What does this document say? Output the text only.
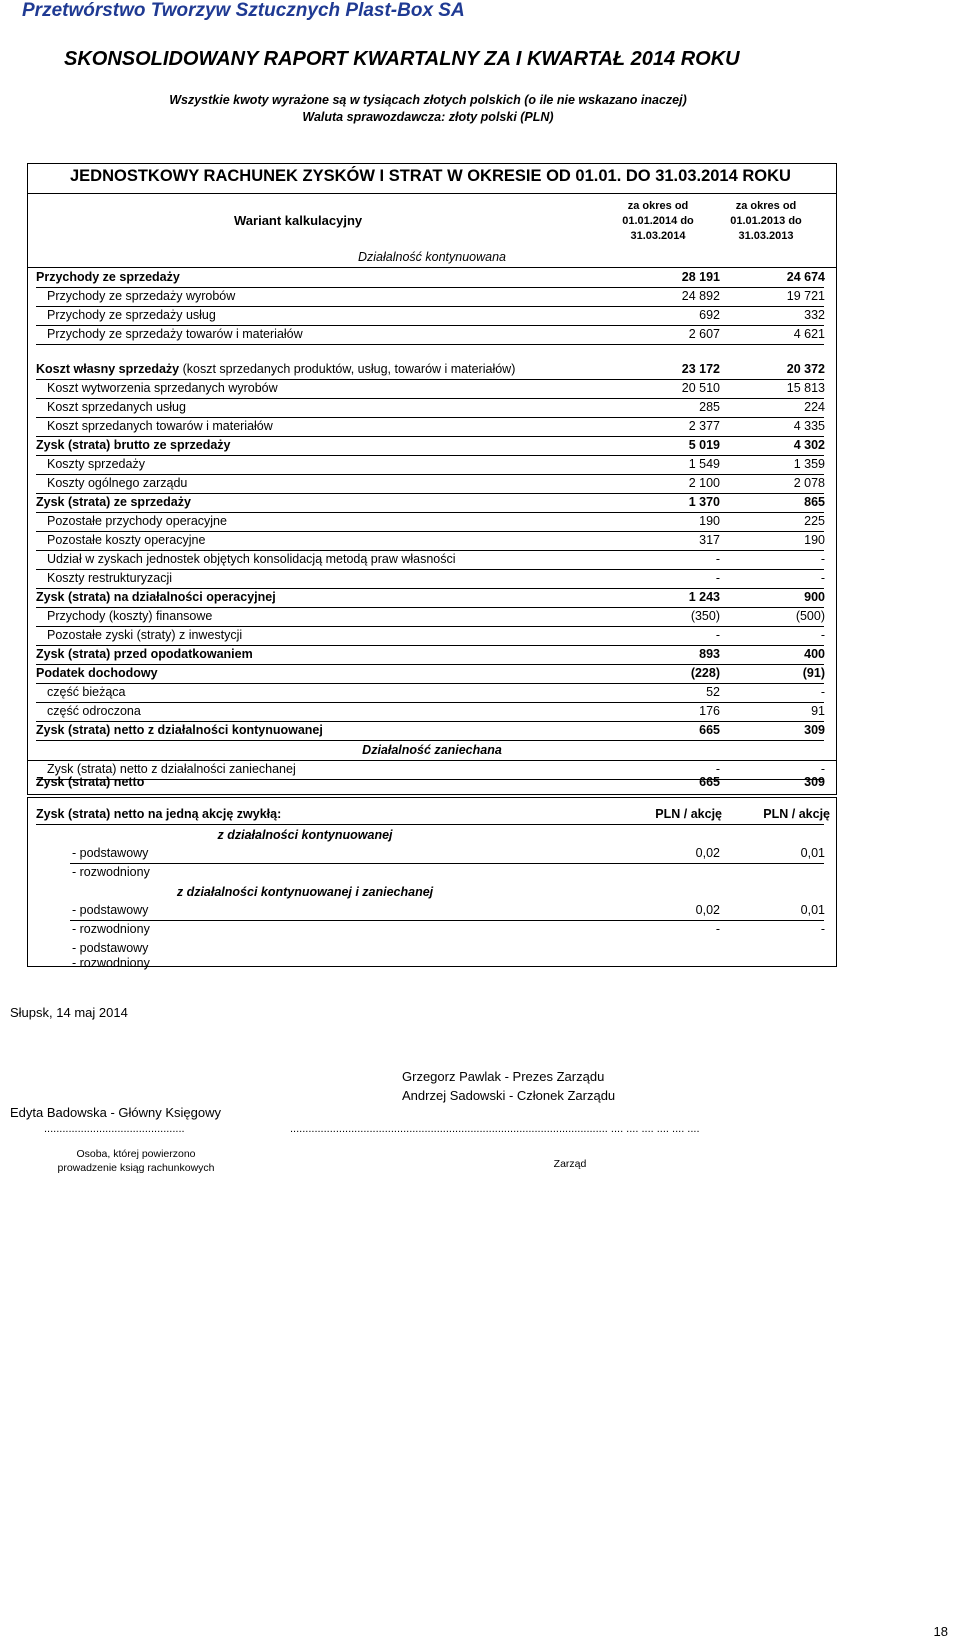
Przetwórstwo Tworzyw Sztucznych Plast-Box SA
SKONSOLIDOWANY RAPORT KWARTALNY ZA I KWARTAŁ 2014 ROKU
Wszystkie kwoty wyrażone są w tysiącach złotych polskich (o ile nie wskazano inaczej)
Waluta sprawozdawcza: złoty polski (PLN)
JEDNOSTKOWY RACHUNEK ZYSKÓW I STRAT W OKRESIE OD 01.01. DO 31.03.2014 ROKU
Wariant kalkulacyjny
za okres od
01.01.2014 do
31.03.2014
za okres od
01.01.2013 do
31.03.2013
Działalność kontynuowana
Przychody ze sprzedaży	28 191	24 674
Przychody ze sprzedaży wyrobów	24 892	19 721
Przychody ze sprzedaży usług	692	332
Przychody ze sprzedaży towarów i materiałów	2 607	4 621
Koszt własny sprzedaży (koszt sprzedanych produktów, usług, towarów i materiałów)	23 172	20 372
Koszt wytworzenia sprzedanych wyrobów	20 510	15 813
Koszt sprzedanych usług	285	224
Koszt sprzedanych towarów i materiałów	2 377	4 335
Zysk (strata) brutto ze sprzedaży	5 019	4 302
Koszty sprzedaży	1 549	1 359
Koszty ogólnego zarządu	2 100	2 078
Zysk (strata) ze sprzedaży	1 370	865
Pozostałe przychody operacyjne	190	225
Pozostałe koszty operacyjne	317	190
Udział w zyskach jednostek objętych konsolidacją metodą praw własności	-	-
Koszty restrukturyzacji	-	-
Zysk (strata) na działalności operacyjnej	1 243	900
Przychody (koszty) finansowe	(350)	(500)
Pozostałe zyski (straty) z inwestycji	-	-
Zysk (strata) przed opodatkowaniem	893	400
Podatek dochodowy	(228)	(91)
część bieżąca	52	-
część odroczona	176	91
Zysk (strata) netto z działalności kontynuowanej	665	309
Działalność zaniechana
Zysk (strata) netto z działalności zaniechanej	-	-
Zysk (strata) netto	665	309
Zysk (strata) netto na jedną akcję zwykłą:	PLN / akcję	PLN / akcję
z działalności kontynuowanej
- podstawowy	0,02	0,01
- rozwodniony
z działalności kontynuowanej i zaniechanej
- podstawowy	0,02	0,01
- rozwodniony	-	-
- podstawowy
- rozwodniony
Słupsk, 14 maj 2014
Grzegorz Pawlak - Prezes Zarządu
Andrzej Sadowski - Członek Zarządu
Edyta Badowska - Główny Księgowy
..............................................	........................................................................................................ .... .... .... .... .... ....
Osoba, której powierzono
prowadzenie ksiąg rachunkowych	Zarząd
18
